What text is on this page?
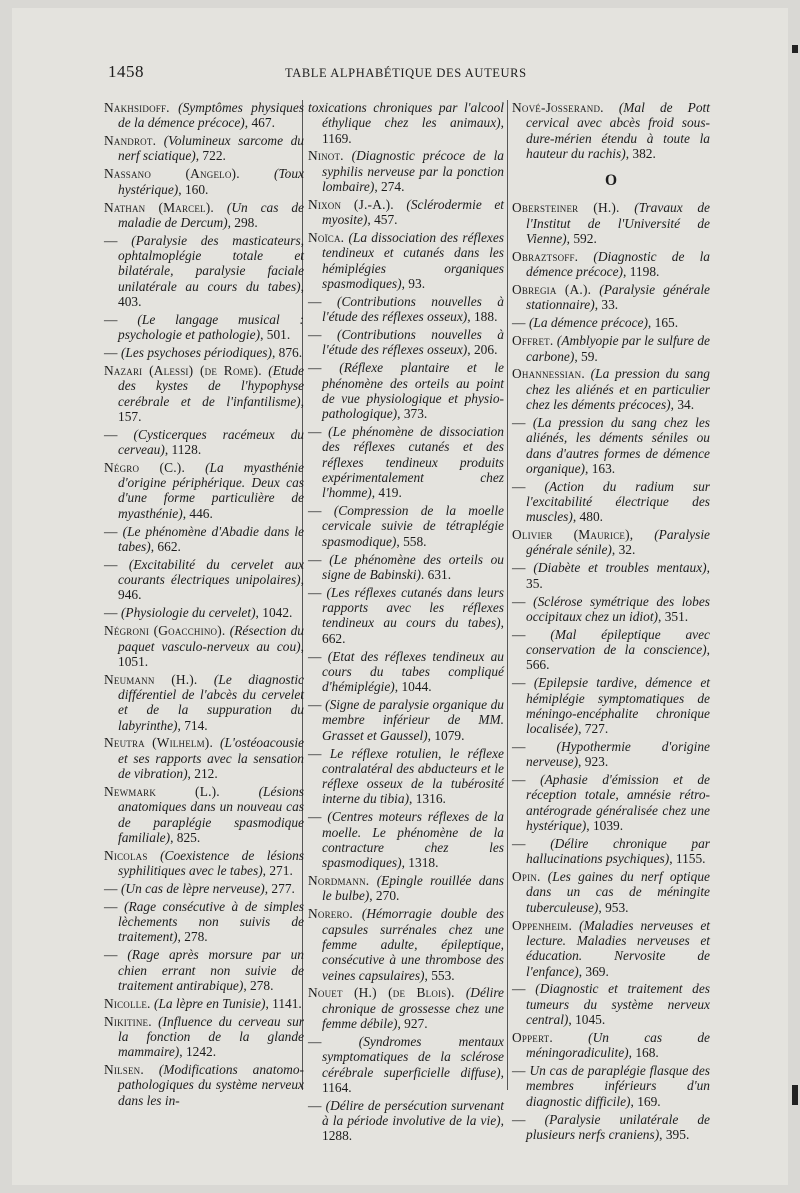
1458	TABLE ALPHABÉTIQUE DES AUTEURS

Nakhsidoff. (Symptômes physiques de la démence précoce), 467.

Nandrot. (Volumineux sarcome du nerf sciatique), 722.

Nassano (Angelo).	(Toux hystérique), 160.

Nathan (Marcel). (Un cas de maladie de Dercum), 298.

— (Paralysie des masticateurs, ophtalmoplégie totale et bilatérale, paralysie faciale unilatérale au cours du tabes), 403.

— (Le langage musical : psychologie et pathologie), 501.

— (Les psychoses périodiques), 876.

Nazari (Alessi) (de Rome). (Etude des kystes de l'hypophyse cerébrale et de l'infantilisme), 157.

— (Cysticerques racémeux du cerveau), 1128.

Négro (C.). (La myasthénie d'origine périphérique. Deux cas d'une forme particulière de myasthénie), 446.

— (Le phénomène d'Abadie dans le tabes), 662.

— (Excitabilité du cervelet aux courants électriques unipolaires), 946.

— (Physiologie du cervelet), 1042.

Négroni (Goacchino). (Résection du paquet vasculo-nerveux au cou), 1051.

Neumann (H.). (Le diagnostic différentiel de l'abcès du cervelet et de la suppuration du labyrinthe), 714.

Neutra (Wilhelm). (L'ostéoacousie et ses rapports avec la sensation de vibration), 212.

Newmark (L.).	(Lésions anatomiques dans un nouveau cas de paraplégie spasmodique familiale), 825.

Nicolas (Coexistence de lésions syphilitiques avec le tabes), 271.

— (Un cas de lèpre nerveuse), 277.

— (Rage consécutive à de simples lèchements non suivis de traitement), 278.

— (Rage après morsure par un chien errant non suivie de traitement antirabique), 278.

Nicolle. (La lèpre en Tunisie), 1141.

Nikitine. (Influence du cerveau sur la fonction de la glande mammaire), 1242.

Nilsen. (Modifications anatomo-pathologiques du système nerveux dans les in-

toxications chroniques par l'alcool éthylique chez les animaux), 1169.

Ninot. (Diagnostic précoce de la syphilis nerveuse par la ponction lombaire), 274.

Nixon (J.-A.). (Sclérodermie et myosite), 457.

Noïca. (La dissociation des réflexes tendineux et cutanés dans les hémiplégies organiques spasmodiques), 93.

— (Contributions nouvelles à l'étude des réflexes osseux), 188.

— (Contributions nouvelles à l'étude des réflexes osseux), 206.

— (Réflexe plantaire et le phénomène des orteils au point de vue physiologique et physio-pathologique), 373.

— (Le phénomène de dissociation des réflexes cutanés et des réflexes tendineux produits expérimentalement chez l'homme), 419.

— (Compression de la moelle cervicale suivie de tétraplégie spasmodique), 558.

— (Le phénomène des orteils ou signe de Babinski). 631.

— (Les réflexes cutanés dans leurs rapports avec les réflexes tendineux au cours du tabes), 662.

— (Etat des réflexes tendineux au cours du tabes compliqué d'hémiplégie), 1044.

— (Signe de paralysie organique du membre inférieur de MM. Grasset et Gaussel), 1079.

— Le réflexe rotulien, le réflexe contralatéral des abducteurs et le réflexe osseux de la tubérosité interne du tibia), 1316.

— (Centres moteurs réflexes de la moelle. Le phénomène de la contracture chez les spasmodiques), 1318.

Nordmann. (Epingle rouillée dans le bulbe), 270.

Norero. (Hémorragie double des capsules surrénales chez une femme adulte, épileptique, consécutive à une thrombose des veines capsulaires), 553.

Nouet (H.) (de Blois). (Délire chronique de grossesse chez une femme débile), 927.

—	(Syndromes mentaux symptomatiques de la sclérose cérébrale superficielle diffuse), 1164.

— (Délire de persécution survenant à la période involutive de la vie), 1288.

Nové-Josserand. (Mal de Pott cervical avec abcès froid sous-dure-mérien étendu à toute la hauteur du rachis), 382.

O

Obersteiner (H.). (Travaux de l'Institut de l'Université de Vienne), 592.

Obraztsoff. (Diagnostic de la démence précoce), 1198.

Obregia (A.). (Paralysie générale stationnaire), 33.

— (La démence précoce), 165.

Offret. (Amblyopie par le sulfure de carbone), 59.

Ohannessian. (La pression du sang chez les aliénés et en particulier chez les déments précoces), 34.

— (La pression du sang chez les aliénés, les déments séniles ou dans d'autres formes de démence organique), 163.

— (Action du radium sur l'excitabilité électrique des muscles), 480.

Olivier (Maurice), (Paralysie générale sénile), 32.

— (Diabète et troubles mentaux), 35.

— (Sclérose symétrique des lobes occipitaux chez un idiot), 351.

— (Mal épileptique avec conservation de la conscience), 566.

— (Epilepsie tardive, démence et hémiplégie symptomatiques de méningo-encéphalite chronique localisée), 727.

— (Hypothermie d'origine nerveuse), 923.

— (Aphasie d'émission et de réception totale, amnésie rétro-antérograde généralisée chez une hystérique), 1039.

— (Délire chronique par hallucinations psychiques), 1155.

Opin. (Les gaines du nerf optique dans un cas de méningite tuberculeuse), 953.

Oppenheim. (Maladies nerveuses et lecture. Maladies nerveuses et éducation. Nervosite de l'enfance), 369.

— (Diagnostic et traitement des tumeurs du système nerveux central), 1045.

Oppert.	(Un cas de méningoradiculite), 168.

— Un cas de paraplégie flasque des membres inférieurs d'un diagnostic difficile), 169.

— (Paralysie unilatérale de plusieurs nerfs craniens), 395.
